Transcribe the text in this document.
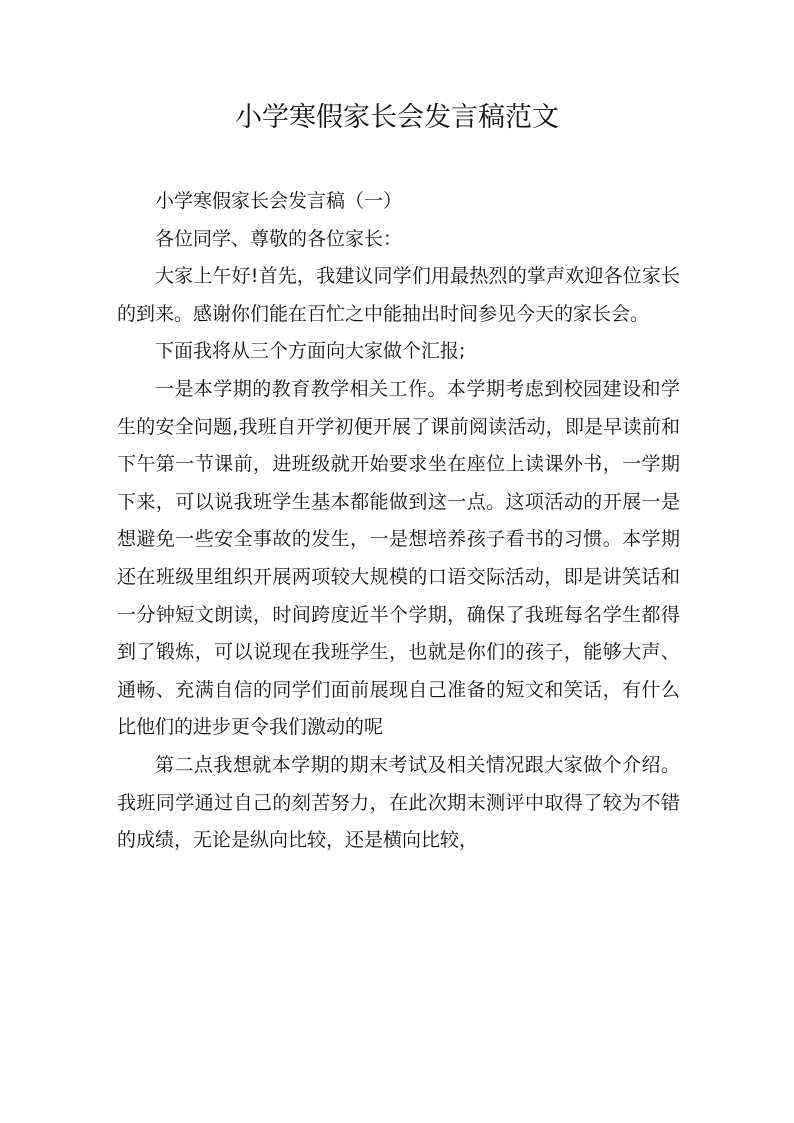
小学寒假家长会发言稿范文

小学寒假家长会发言稿（一）

各位同学、尊敬的各位家长：

大家上午好!首先，我建议同学们用最热烈的掌声欢迎各位家长的到来。感谢你们能在百忙之中能抽出时间参见今天的家长会。

下面我将从三个方面向大家做个汇报;

一是本学期的教育教学相关工作。本学期考虑到校园建设和学生的安全问题,我班自开学初便开展了课前阅读活动，即是早读前和下午第一节课前，进班级就开始要求坐在座位上读课外书，一学期下来，可以说我班学生基本都能做到这一点。这项活动的开展一是想避免一些安全事故的发生，一是想培养孩子看书的习惯。本学期还在班级里组织开展两项较大规模的口语交际活动，即是讲笑话和一分钟短文朗读，时间跨度近半个学期，确保了我班每名学生都得到了锻炼，可以说现在我班学生，也就是你们的孩子，能够大声、通畅、充满自信的同学们面前展现自己准备的短文和笑话，有什么比他们的进步更令我们激动的呢

第二点我想就本学期的期末考试及相关情况跟大家做个介绍。我班同学通过自己的刻苦努力，在此次期末测评中取得了较为不错的成绩，无论是纵向比较，还是横向比较，
